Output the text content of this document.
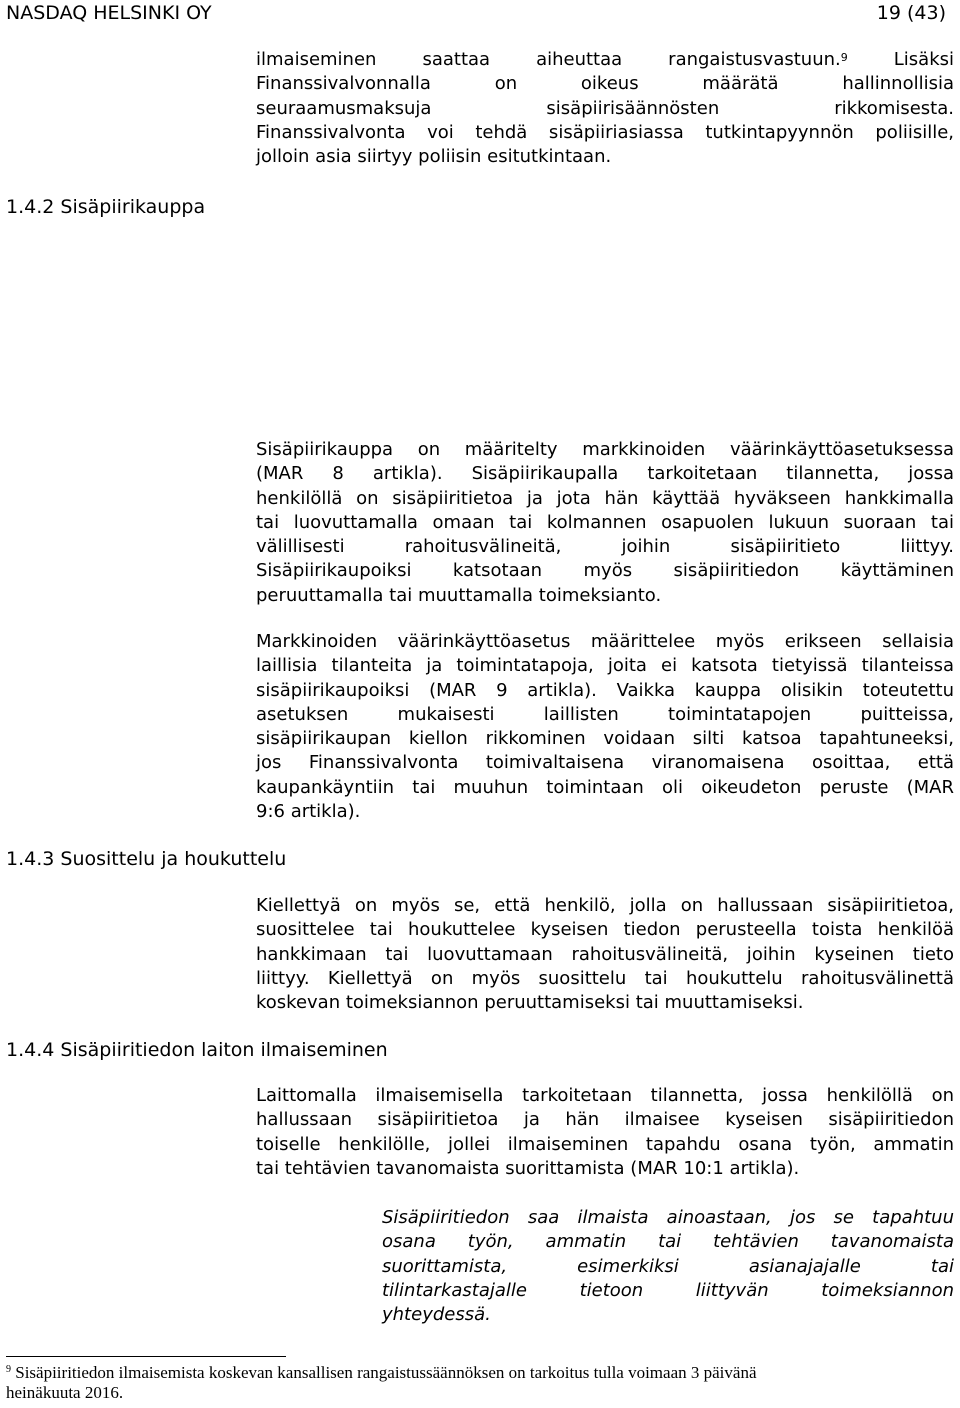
NASDAQ HELSINKI OY	19 (43)
ilmaiseminen saattaa aiheuttaa rangaistusvastuun.$^9$ Lisäksi
Finanssivalvonnalla on oikeus määrätä hallinnollisia
seuraamusmaksuja sisäpiirisäännösten rikkomisesta.
Finanssivalvonta voi tehdä sisäpiiriasiassa tutkintapyynnön poliisille,
jolloin asia siirtyy poliisin esitutkintaan.
1.4.2 Sisäpiirikauppa
1.4.3 Suosittelu ja houkuttelu
1.4.4 Sisäpiiritiedon laiton ilmaiseminen
Sisäpiirikauppa on määritelty markkinoiden väärinkäyttöasetuksessa
(MAR 8 artikla). Sisäpiirikaupalla tarkoitetaan tilannetta, jossa
henkilöllä on sisäpiiritietoa ja jota hän käyttää hyväkseen hankkimalla
tai luovuttamalla omaan tai kolmannen osapuolen lukuun suoraan tai
välillisesti rahoitusvälineitä, joihin sisäpiiritieto liittyy.
Sisäpiirikaupoiksi katsotaan myös sisäpiiritiedon käyttäminen
peruuttamalla tai muuttamalla toimeksianto.
Markkinoiden väärinkäyttöasetus määrittelee myös erikseen sellaisia
laillisia tilanteita ja toimintatapoja, joita ei katsota tietyissä tilanteissa
sisäpiirikaupoiksi (MAR 9 artikla). Vaikka kauppa olisikin toteutettu
asetuksen mukaisesti laillisten toimintatapojen puitteissa,
sisäpiirikaupan kiellon rikkominen voidaan silti katsoa tapahtuneeksi,
jos Finanssivalvonta toimivaltaisena viranomaisena osoittaa, että
kaupankäyntiin tai muuhun toimintaan oli oikeudeton peruste (MAR
9:6 artikla).
Kiellettyä on myös se, että henkilö, jolla on hallussaan sisäpiiritietoa,
suosittelee tai houkuttelee kyseisen tiedon perusteella toista henkilöä
hankkimaan tai luovuttamaan rahoitusvälineitä, joihin kyseinen tieto
liittyy. Kiellettyä on myös suosittelu tai houkuttelu rahoitusvälinettä
koskevan toimeksiannon peruuttamiseksi tai muuttamiseksi.
Laittomalla ilmaisemisella tarkoitetaan tilannetta, jossa henkilöllä on
hallussaan sisäpiiritietoa ja hän ilmaisee kyseisen sisäpiiritiedon
toiselle henkilölle, jollei ilmaiseminen tapahdu osana työn, ammatin
tai tehtävien tavanomaista suorittamista (MAR 10:1 artikla).
Sisäpiiritiedon saa ilmaista ainoastaan, jos se tapahtuu
osana työn, ammatin tai tehtävien tavanomaista
suorittamista, esimerkiksi asianajajalle tai
tilintarkastajalle tietoon liittyvän toimeksiannon
yhteydessä.
$^9$ Sisäpiiritiedon ilmaisemista koskevan kansallisen rangaistussäännöksen on tarkoitus tulla voimaan 3 päivänä
heinäkuuta 2016.
